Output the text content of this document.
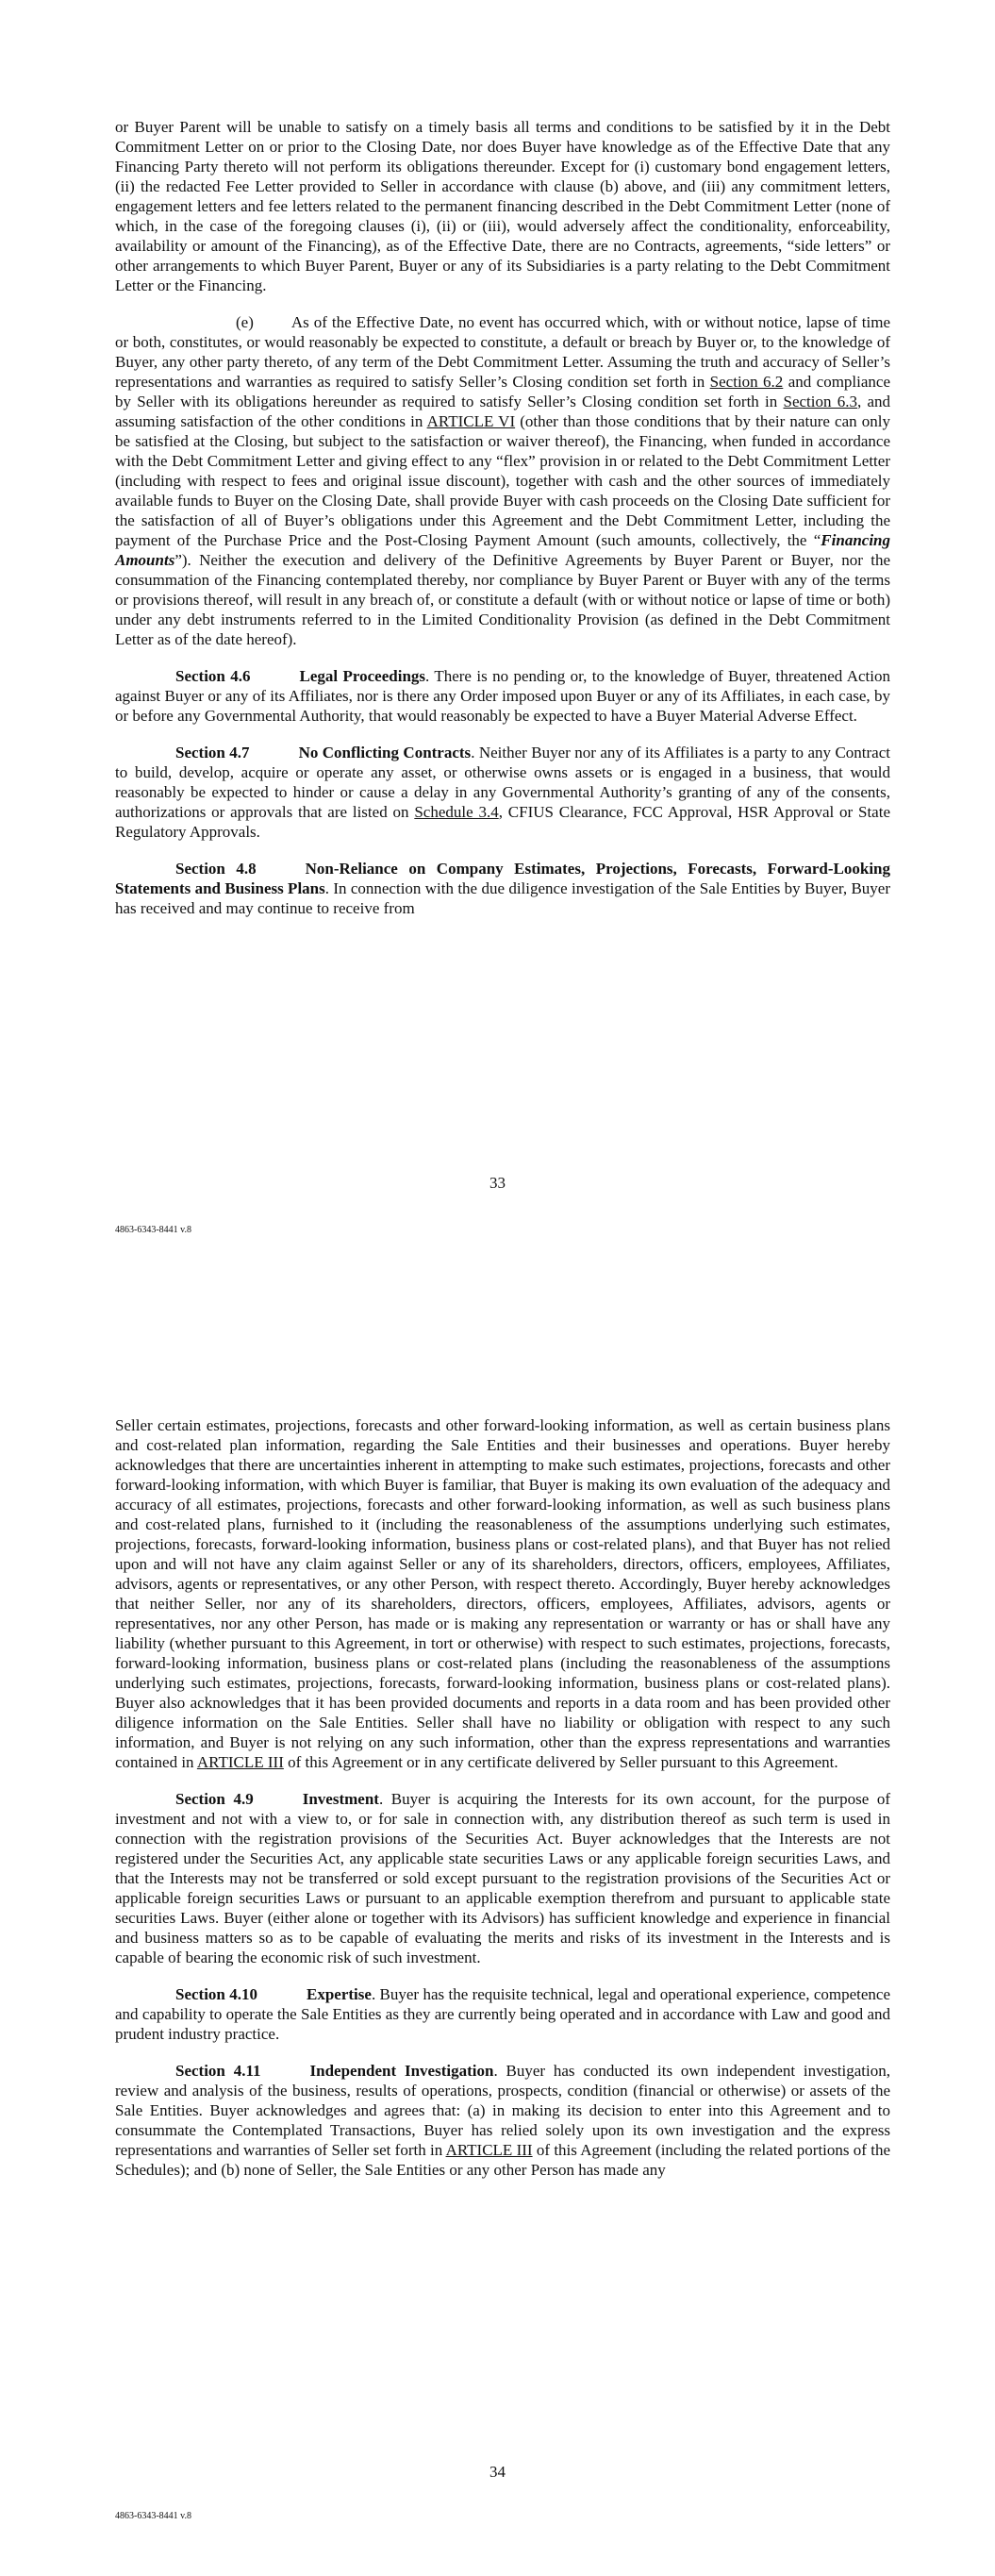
or Buyer Parent will be unable to satisfy on a timely basis all terms and conditions to be satisfied by it in the Debt Commitment Letter on or prior to the Closing Date, nor does Buyer have knowledge as of the Effective Date that any Financing Party thereto will not perform its obligations thereunder. Except for (i) customary bond engagement letters, (ii) the redacted Fee Letter provided to Seller in accordance with clause (b) above, and (iii) any commitment letters, engagement letters and fee letters related to the permanent financing described in the Debt Commitment Letter (none of which, in the case of the foregoing clauses (i), (ii) or (iii), would adversely affect the conditionality, enforceability, availability or amount of the Financing), as of the Effective Date, there are no Contracts, agreements, “side letters” or other arrangements to which Buyer Parent, Buyer or any of its Subsidiaries is a party relating to the Debt Commitment Letter or the Financing.

(e) As of the Effective Date, no event has occurred which, with or without notice, lapse of time or both, constitutes, or would reasonably be expected to constitute, a default or breach by Buyer or, to the knowledge of Buyer, any other party thereto, of any term of the Debt Commitment Letter. Assuming the truth and accuracy of Seller’s representations and warranties as required to satisfy Seller’s Closing condition set forth in Section 6.2 and compliance by Seller with its obligations hereunder as required to satisfy Seller’s Closing condition set forth in Section 6.3, and assuming satisfaction of the other conditions in ARTICLE VI (other than those conditions that by their nature can only be satisfied at the Closing, but subject to the satisfaction or waiver thereof), the Financing, when funded in accordance with the Debt Commitment Letter and giving effect to any “flex” provision in or related to the Debt Commitment Letter (including with respect to fees and original issue discount), together with cash and the other sources of immediately available funds to Buyer on the Closing Date, shall provide Buyer with cash proceeds on the Closing Date sufficient for the satisfaction of all of Buyer’s obligations under this Agreement and the Debt Commitment Letter, including the payment of the Purchase Price and the Post-Closing Payment Amount (such amounts, collectively, the “Financing Amounts”). Neither the execution and delivery of the Definitive Agreements by Buyer Parent or Buyer, nor the consummation of the Financing contemplated thereby, nor compliance by Buyer Parent or Buyer with any of the terms or provisions thereof, will result in any breach of, or constitute a default (with or without notice or lapse of time or both) under any debt instruments referred to in the Limited Conditionality Provision (as defined in the Debt Commitment Letter as of the date hereof).

Section 4.6	Legal Proceedings. There is no pending or, to the knowledge of Buyer, threatened Action against Buyer or any of its Affiliates, nor is there any Order imposed upon Buyer or any of its Affiliates, in each case, by or before any Governmental Authority, that would reasonably be expected to have a Buyer Material Adverse Effect.

Section 4.7	No Conflicting Contracts. Neither Buyer nor any of its Affiliates is a party to any Contract to build, develop, acquire or operate any asset, or otherwise owns assets or is engaged in a business, that would reasonably be expected to hinder or cause a delay in any Governmental Authority’s granting of any of the consents, authorizations or approvals that are listed on Schedule 3.4, CFIUS Clearance, FCC Approval, HSR Approval or State Regulatory Approvals.

Section 4.8	Non-Reliance on Company Estimates, Projections, Forecasts, Forward-Looking Statements and Business Plans. In connection with the due diligence investigation of the Sale Entities by Buyer, Buyer has received and may continue to receive from

33
4863-6343-8441 v.8

Seller certain estimates, projections, forecasts and other forward-looking information, as well as certain business plans and cost-related plan information, regarding the Sale Entities and their businesses and operations. Buyer hereby acknowledges that there are uncertainties inherent in attempting to make such estimates, projections, forecasts and other forward-looking information, with which Buyer is familiar, that Buyer is making its own evaluation of the adequacy and accuracy of all estimates, projections, forecasts and other forward-looking information, as well as such business plans and cost-related plans, furnished to it (including the reasonableness of the assumptions underlying such estimates, projections, forecasts, forward-looking information, business plans or cost-related plans), and that Buyer has not relied upon and will not have any claim against Seller or any of its shareholders, directors, officers, employees, Affiliates, advisors, agents or representatives, or any other Person, with respect thereto. Accordingly, Buyer hereby acknowledges that neither Seller, nor any of its shareholders, directors, officers, employees, Affiliates, advisors, agents or representatives, nor any other Person, has made or is making any representation or warranty or has or shall have any liability (whether pursuant to this Agreement, in tort or otherwise) with respect to such estimates, projections, forecasts, forward-looking information, business plans or cost-related plans (including the reasonableness of the assumptions underlying such estimates, projections, forecasts, forward-looking information, business plans or cost-related plans). Buyer also acknowledges that it has been provided documents and reports in a data room and has been provided other diligence information on the Sale Entities. Seller shall have no liability or obligation with respect to any such information, and Buyer is not relying on any such information, other than the express representations and warranties contained in ARTICLE III of this Agreement or in any certificate delivered by Seller pursuant to this Agreement.

Section 4.9	Investment. Buyer is acquiring the Interests for its own account, for the purpose of investment and not with a view to, or for sale in connection with, any distribution thereof as such term is used in connection with the registration provisions of the Securities Act. Buyer acknowledges that the Interests are not registered under the Securities Act, any applicable state securities Laws or any applicable foreign securities Laws, and that the Interests may not be transferred or sold except pursuant to the registration provisions of the Securities Act or applicable foreign securities Laws or pursuant to an applicable exemption therefrom and pursuant to applicable state securities Laws. Buyer (either alone or together with its Advisors) has sufficient knowledge and experience in financial and business matters so as to be capable of evaluating the merits and risks of its investment in the Interests and is capable of bearing the economic risk of such investment.

Section 4.10	Expertise. Buyer has the requisite technical, legal and operational experience, competence and capability to operate the Sale Entities as they are currently being operated and in accordance with Law and good and prudent industry practice.

Section 4.11	Independent Investigation. Buyer has conducted its own independent investigation, review and analysis of the business, results of operations, prospects, condition (financial or otherwise) or assets of the Sale Entities. Buyer acknowledges and agrees that: (a) in making its decision to enter into this Agreement and to consummate the Contemplated Transactions, Buyer has relied solely upon its own investigation and the express representations and warranties of Seller set forth in ARTICLE III of this Agreement (including the related portions of the Schedules); and (b) none of Seller, the Sale Entities or any other Person has made any

34
4863-6343-8441 v.8
